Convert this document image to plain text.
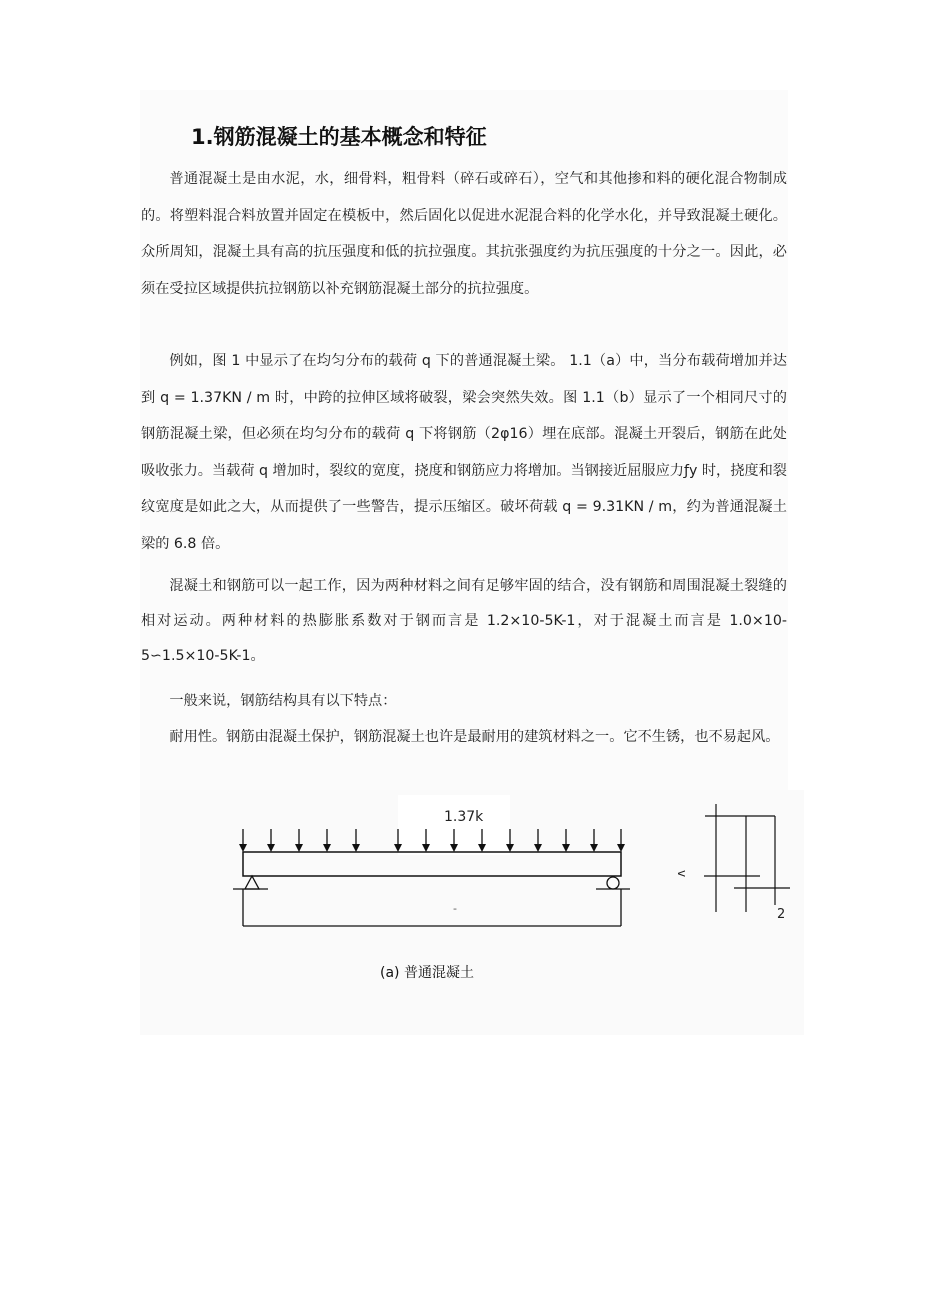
1.钢筋混凝土的基本概念和特征

普通混凝土是由水泥，水，细骨料，粗骨料（碎石或碎石），空气和其他掺和料的硬化混合物制成的。将塑料混合料放置并固定在模板中，然后固化以促进水泥混合料的化学水化，并导致混凝土硬化。众所周知，混凝土具有高的抗压强度和低的抗拉强度。其抗张强度约为抗压强度的十分之一。因此，必须在受拉区域提供抗拉钢筋以补充钢筋混凝土部分的抗拉强度。

例如，图 1 中显示了在均匀分布的载荷 q 下的普通混凝土梁。 1.1（a）中，当分布载荷增加并达到 q = 1.37KN / m 时，中跨的拉伸区域将破裂，梁会突然失效。图 1.1（b）显示了一个相同尺寸的钢筋混凝土梁，但必须在均匀分布的载荷 q 下将钢筋（2φ16）埋在底部。混凝土开裂后，钢筋在此处吸收张力。当载荷 q 增加时，裂纹的宽度，挠度和钢筋应力将增加。当钢接近屈服应力ƒy 时，挠度和裂纹宽度是如此之大，从而提供了一些警告，提示压缩区。破坏荷载 q = 9.31KN / m，约为普通混凝土梁的 6.8 倍。

混凝土和钢筋可以一起工作，因为两种材料之间有足够牢固的结合，没有钢筋和周围混凝土裂缝的相对运动。两种材料的热膨胀系数对于钢而言是 1.2×10-5K-1，对于混凝土而言是 1.0×10-5∽1.5×10-5K-1。

一般来说，钢筋结构具有以下特点：

耐用性。钢筋由混凝土保护，钢筋混凝土也许是最耐用的建筑材料之一。它不生锈，也不易起风。

1.37k
-
v
2

(a) 普通混凝土
